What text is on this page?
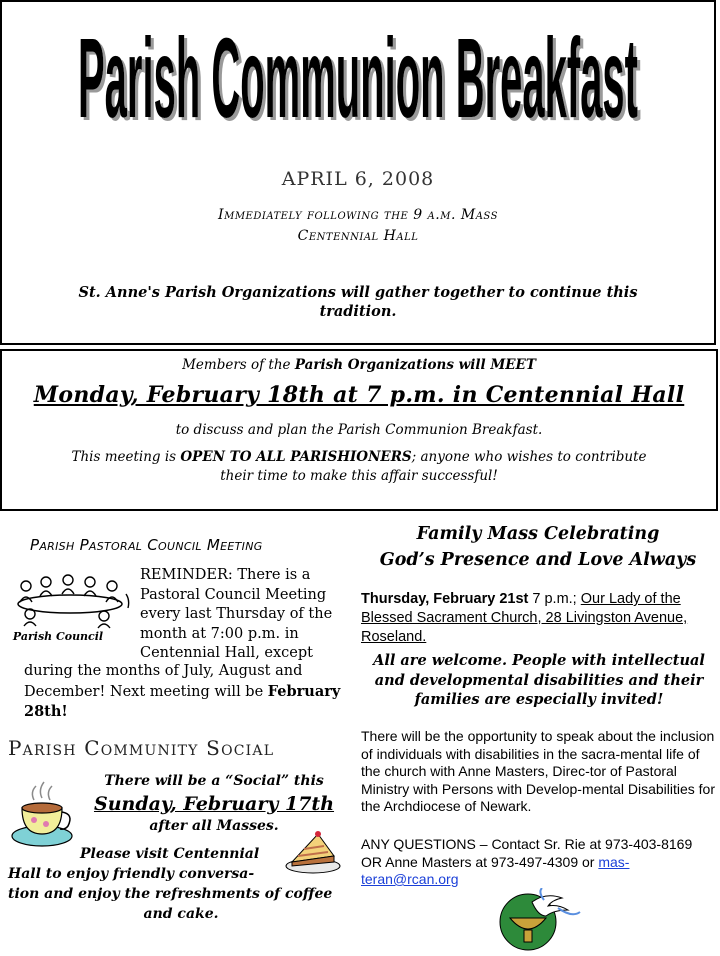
Parish Communion Breakfast
APRIL 6, 2008
Immediately following the 9 a.m. Mass
Centennial Hall
St. Anne's Parish Organizations will gather together to continue this tradition.
Members of the Parish Organizations will MEET
Monday, February 18th at 7 p.m. in Centennial Hall
to discuss and plan the Parish Communion Breakfast.
This meeting is OPEN TO ALL PARISHIONERS; anyone who wishes to contribute their time to make this affair successful!
Parish Pastoral Council Meeting
Parish Council
REMINDER: There is a Pastoral Council Meeting every last Thursday of the month at 7:00 p.m. in Centennial Hall, except
during the months of July, August and December! Next meeting will be February 28th!
Parish Community Social
There will be a “Social” this
Sunday, February 17th
after all Masses.
Please visit Centennial
Hall to enjoy friendly conversa-
tion and enjoy the refreshments of coffee
and cake.
Family Mass Celebrating
God’s Presence and Love Always
Thursday, February 21st 7 p.m.; Our Lady of the Blessed Sacrament Church, 28 Livingston Avenue, Roseland.
All are welcome. People with intellectual and developmental disabilities and their families are especially invited!
There will be the opportunity to speak about the inclusion of individuals with disabilities in the sacra-mental life of the church with Anne Masters, Direc-tor of Pastoral Ministry with Persons with Develop-mental Disabilities for the Archdiocese of Newark.
ANY QUESTIONS – Contact Sr. Rie at 973-403-8169 OR Anne Masters at 973-497-4309 or mas-teran@rcan.org
